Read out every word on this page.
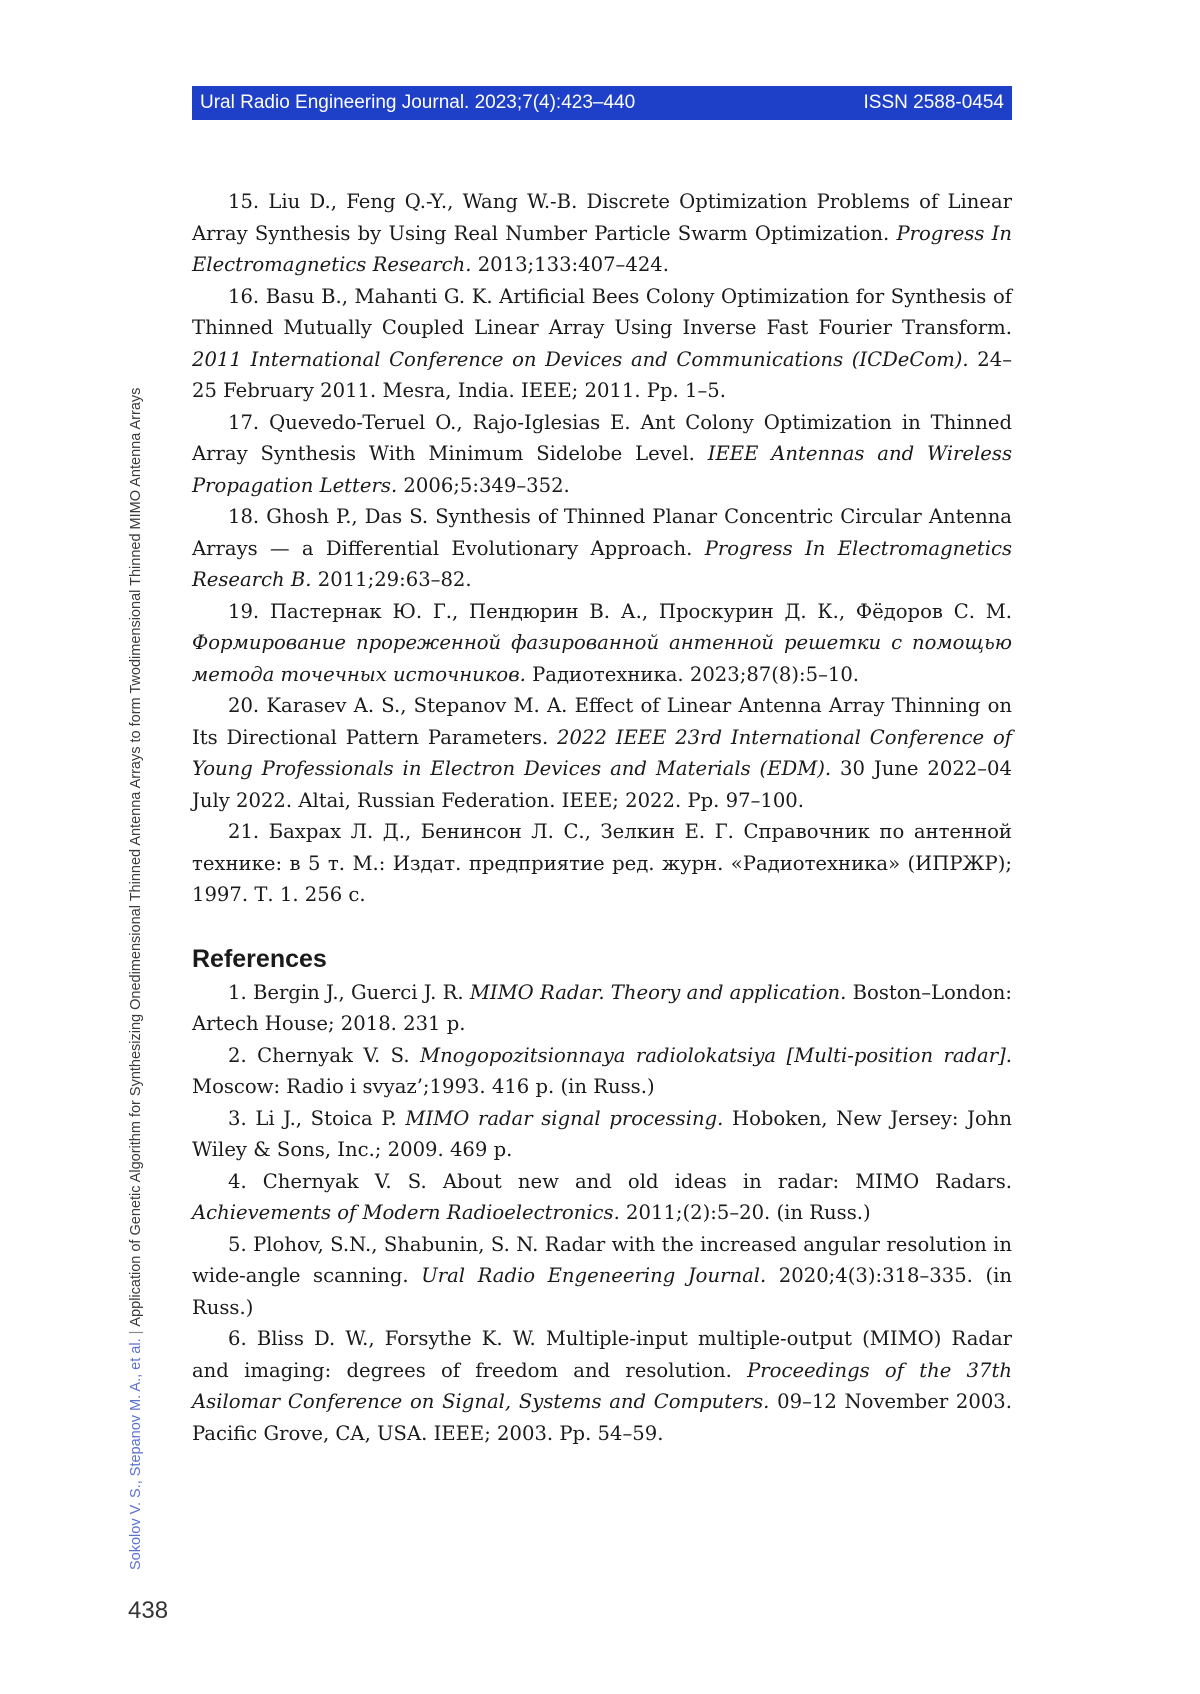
Ural Radio Engineering Journal. 2023;7(4):423–440	ISSN 2588-0454
Sokolov V. S., Stepanov M. A., et al.|Application of Genetic Algorithm for Synthesizing Onedimensional Thinned Antenna Arrays to form Twodimensional Thinned MIMO Antenna Arrays
438

15. Liu D., Feng Q.-Y., Wang W.-B. Discrete Optimization Problems of Linear Array Synthesis by Using Real Number Particle Swarm Optimization. Progress In Electromagnetics Research. 2013;133:407–424.

16. Basu B., Mahanti G. K. Artificial Bees Colony Optimization for Synthesis of Thinned Mutually Coupled Linear Array Using Inverse Fast Fourier Transform. 2011 International Conference on Devices and Communications (ICDeCom). 24–25 February 2011. Mesra, India. IEEE; 2011. Pp. 1–5.

17. Quevedo-Teruel O., Rajo-Iglesias E. Ant Colony Optimization in Thinned Array Synthesis With Minimum Sidelobe Level. IEEE Antennas and Wireless Propagation Letters. 2006;5:349–352.

18. Ghosh P., Das S. Synthesis of Thinned Planar Concentric Circular Antenna Arrays — a Differential Evolutionary Approach. Progress In Electromagnetics Research B. 2011;29:63–82.

19. Пастернак Ю. Г., Пендюрин В. А., Проскурин Д. К., Фёдоров С. М. Формирование прореженной фазированной антенной решетки с помощью метода точечных источников. Радиотехника. 2023;87(8):5–10.

20. Karasev A. S., Stepanov M. A. Effect of Linear Antenna Array Thinning on Its Directional Pattern Parameters. 2022 IEEE 23rd International Conference of Young Professionals in Electron Devices and Materials (EDM). 30 June 2022–04 July 2022. Altai, Russian Federation. IEEE; 2022. Pp. 97–100.

21. Бахрах Л. Д., Бенинсон Л. С., Зелкин Е. Г. Справочник по антенной технике: в 5 т. М.: Издат. предприятие ред. журн. «Радиотехника» (ИПРЖР); 1997. Т. 1. 256 с.

References

1. Bergin J., Guerci J. R. MIMO Radar. Theory and application. Boston–London: Artech House; 2018. 231 p.

2. Chernyak V. S. Mnogopozitsionnaya radiolokatsiya [Multi-position radar]. Moscow: Radio i svyaz’;1993. 416 p. (in Russ.)

3. Li J., Stoica P. MIMO radar signal processing. Hoboken, New Jersey: John Wiley & Sons, Inc.; 2009. 469 p.

4. Chernyak V. S. About new and old ideas in radar: MIMO Radars. Achievements of Modern Radioelectronics. 2011;(2):5–20. (in Russ.)

5. Plohov, S.N., Shabunin, S. N. Radar with the increased angular resolution in wide-angle scanning. Ural Radio Engeneering Journal. 2020;4(3):318–335. (in Russ.)

6. Bliss D. W., Forsythe K. W. Multiple-input multiple-output (MIMO) Radar and imaging: degrees of freedom and resolution. Proceedings of the 37th Asilomar Conference on Signal, Systems and Computers. 09–12 November 2003. Pacific Grove, CA, USA. IEEE; 2003. Pp. 54–59.
